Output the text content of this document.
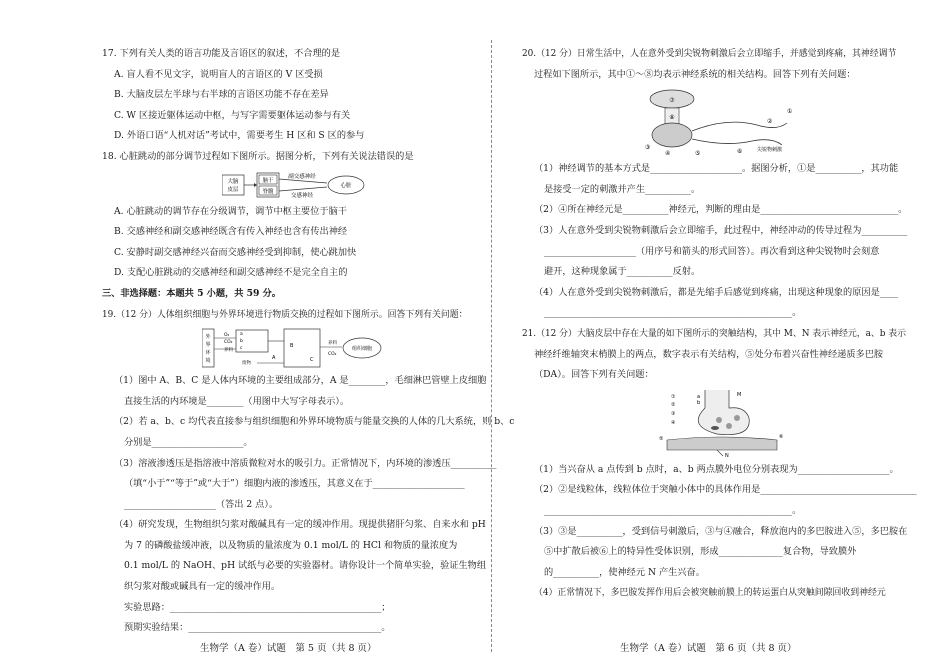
17. 下列有关人类的语言功能及言语区的叙述，不合理的是

A. 盲人看不见文字，说明盲人的言语区的 V 区受损

B. 大脑皮层左半球与右半球的言语区功能不存在差异

C. W 区接近躯体运动中枢，与写字需要躯体运动参与有关

D. 外语口语“人机对话”考试中，需要考生 H 区和 S 区的参与

18. 心脏跳动的部分调节过程如下图所示。据图分析，下列有关说法错误的是

大脑
皮层
脑干
脊髓
副交感神经
交感神经
心脏

A. 心脏跳动的调节存在分级调节，调节中枢主要位于脑干

B. 交感神经和副交感神经既含有传入神经也含有传出神经

C. 安静时副交感神经兴奋而交感神经受到抑制，使心跳加快

D. 支配心脏跳动的交感神经和副交感神经不是完全自主的

三、非选择题：本题共 5 小题，共 59 分。

19.（12 分）人体组织细胞与外界环境进行物质交换的过程如下图所示。回答下列有关问题：

外
界
环
境
O₂
CO₂
养料
废物
a
b
c	B
C
A
养料
CO₂
组织细胞

（1）图中 A、B、C 是人体内环境的主要组成部分，A 是________，毛细淋巴管壁上皮细胞

直接生活的内环境是________（用图中大写字母表示）。

（2）若 a、b、c 均代表直接参与组织细胞和外界环境物质与能量交换的人体的几大系统，则 b、c

分别是____________________。

（3）溶液渗透压是指溶液中溶质微粒对水的吸引力。正常情况下，内环境的渗透压__________

（填“小于”“等于”或“大于”）细胞内液的渗透压，其意义在于____________________

____________________（答出 2 点）。

（4）研究发现，生物组织匀浆对酸碱具有一定的缓冲作用。现提供猪肝匀浆、自来水和 pH

为 7 的磷酸盐缓冲液，以及物质的量浓度为 0.1 mol/L 的 HCl 和物质的量浓度为

0.1 mol/L 的 NaOH、pH 试纸与必要的实验器材。请你设计一个简单实验，验证生物组

织匀浆对酸或碱具有一定的缓冲作用。

实验思路：______________________________________________；

预期实验结果：__________________________________________。

20.（12 分）日常生活中，人在意外受到尖锐物刺激后会立即缩手，并感觉到疼痛，其神经调节

过程如下图所示，其中①～⑧均表示神经系统的相关结构。回答下列有关问题：

⑦
⑧
①
②
③
④	⑤	⑥	尖锐物刺激

（1）神经调节的基本方式是____________________。据图分析，①是__________，其功能

是接受一定的刺激并产生__________。

（2）④所在神经元是__________神经元，判断的理由是______________________________。

（3）人在意外受到尖锐物刺激后会立即缩手，此过程中，神经冲动的传导过程为__________

____________________（用序号和箭头的形式回答）。再次看到这种尖锐物时会刻意

避开，这种现象属于__________反射。

（4）人在意外受到尖锐物刺激后，都是先缩手后感觉到疼痛，出现这种现象的原因是____

______________________________________________________。

21.（12 分）大脑皮层中存在大量的如下图所示的突触结构，其中 M、N 表示神经元，a、b 表示

神经纤维轴突末梢膜上的两点，数字表示有关结构，⑤处分布着兴奋性神经递质多巴胺

（DA）。回答下列有关问题：

M
a
b
①
②
③
④
⑤	⑥
N

（1）当兴奋从 a 点传到 b 点时，a、b 两点膜外电位分别表现为____________________。

（2）②是线粒体，线粒体位于突触小体中的具体作用是__________________________________

______________________________________________________。

（3）③是__________，受到信号刺激后，③与④融合，释放泡内的多巴胺进入⑤，多巴胺在

⑤中扩散后被⑥上的特异性受体识别，形成______________复合物，导致膜外

的__________，使神经元 N 产生兴奋。

（4）正常情况下，多巴胺发挥作用后会被突触前膜上的转运蛋白从突触间隙回收到神经元

生物学（A 卷）试题　第 5 页（共 8 页）	生物学（A 卷）试题　第 6 页（共 8 页）
